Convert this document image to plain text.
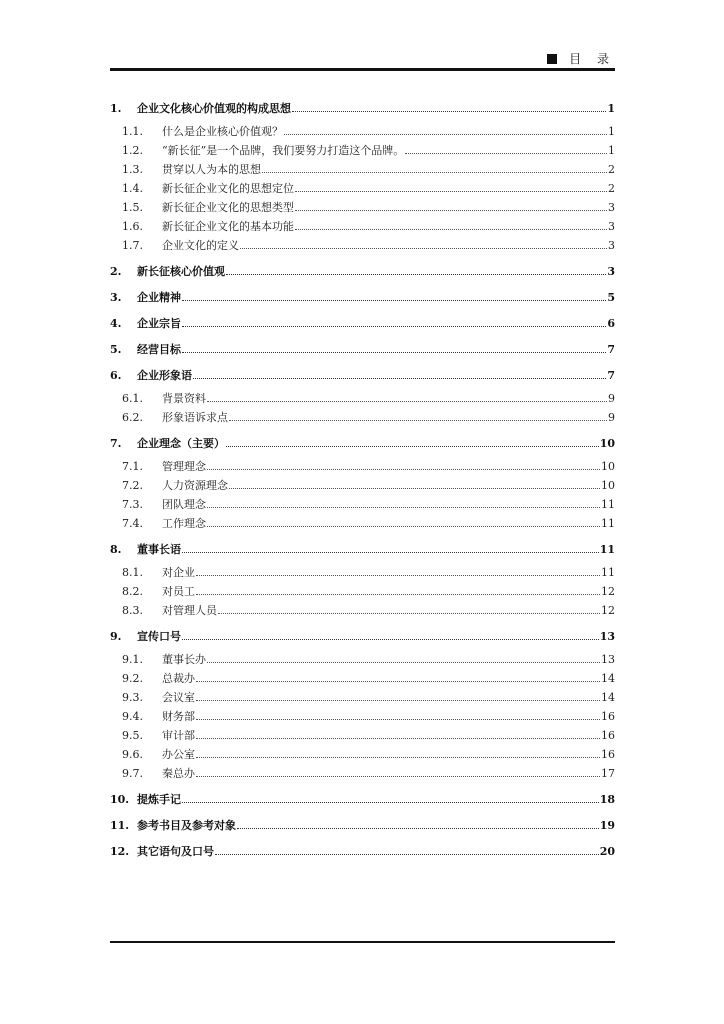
目 录
1.	企业文化核心价值观的构成思想	1
1.1.	什么是企业核心价值观？	1
1.2.	“新长征”是一个品牌，我们要努力打造这个品牌。	1
1.3.	贯穿以人为本的思想	2
1.4.	新长征企业文化的思想定位	2
1.5.	新长征企业文化的思想类型	3
1.6.	新长征企业文化的基本功能	3
1.7.	企业文化的定义	3
2.	新长征核心价值观	3
3.	企业精神	5
4.	企业宗旨	6
5.	经营目标	7
6.	企业形象语	7
6.1.	背景资料	9
6.2.	形象语诉求点	9
7.	企业理念（主要）	10
7.1.	管理理念	10
7.2.	人力资源理念	10
7.3.	团队理念	11
7.4.	工作理念	11
8.	董事长语	11
8.1.	对企业	11
8.2.	对员工	12
8.3.	对管理人员	12
9.	宣传口号	13
9.1.	董事长办	13
9.2.	总裁办	14
9.3.	会议室	14
9.4.	财务部	16
9.5.	审计部	16
9.6.	办公室	16
9.7.	秦总办	17
10. 提炼手记	18
11. 参考书目及参考对象	19
12. 其它语句及口号	20
